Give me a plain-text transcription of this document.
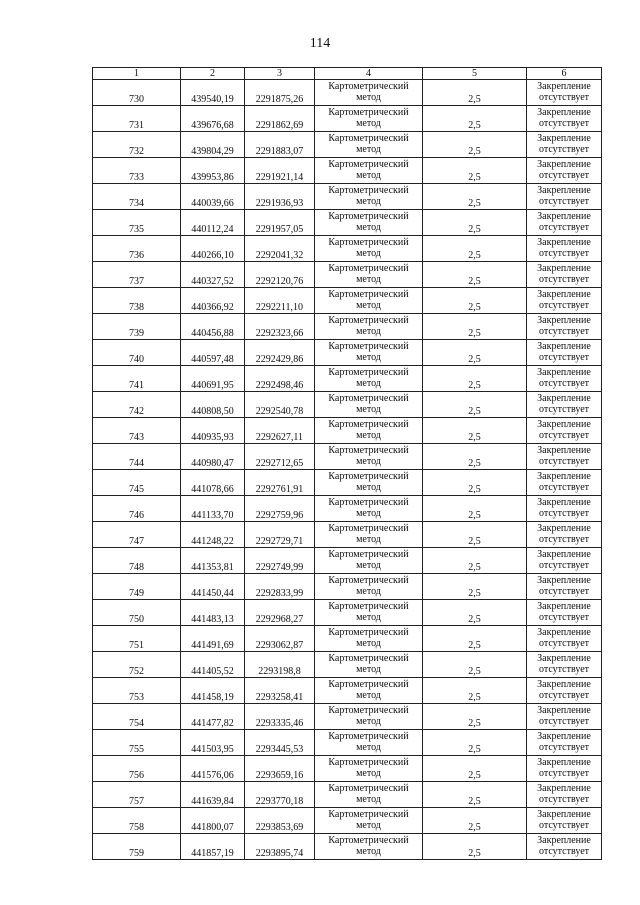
114
1	2	3	4	5	6
730	439540,19	2291875,26	Картометрический метод	2,5	Закрепление отсутствует
731	439676,68	2291862,69	Картометрический метод	2,5	Закрепление отсутствует
732	439804,29	2291883,07	Картометрический метод	2,5	Закрепление отсутствует
733	439953,86	2291921,14	Картометрический метод	2,5	Закрепление отсутствует
734	440039,66	2291936,93	Картометрический метод	2,5	Закрепление отсутствует
735	440112,24	2291957,05	Картометрический метод	2,5	Закрепление отсутствует
736	440266,10	2292041,32	Картометрический метод	2,5	Закрепление отсутствует
737	440327,52	2292120,76	Картометрический метод	2,5	Закрепление отсутствует
738	440366,92	2292211,10	Картометрический метод	2,5	Закрепление отсутствует
739	440456,88	2292323,66	Картометрический метод	2,5	Закрепление отсутствует
740	440597,48	2292429,86	Картометрический метод	2,5	Закрепление отсутствует
741	440691,95	2292498,46	Картометрический метод	2,5	Закрепление отсутствует
742	440808,50	2292540,78	Картометрический метод	2,5	Закрепление отсутствует
743	440935,93	2292627,11	Картометрический метод	2,5	Закрепление отсутствует
744	440980,47	2292712,65	Картометрический метод	2,5	Закрепление отсутствует
745	441078,66	2292761,91	Картометрический метод	2,5	Закрепление отсутствует
746	441133,70	2292759,96	Картометрический метод	2,5	Закрепление отсутствует
747	441248,22	2292729,71	Картометрический метод	2,5	Закрепление отсутствует
748	441353,81	2292749,99	Картометрический метод	2,5	Закрепление отсутствует
749	441450,44	2292833,99	Картометрический метод	2,5	Закрепление отсутствует
750	441483,13	2292968,27	Картометрический метод	2,5	Закрепление отсутствует
751	441491,69	2293062,87	Картометрический метод	2,5	Закрепление отсутствует
752	441405,52	2293198,8	Картометрический метод	2,5	Закрепление отсутствует
753	441458,19	2293258,41	Картометрический метод	2,5	Закрепление отсутствует
754	441477,82	2293335,46	Картометрический метод	2,5	Закрепление отсутствует
755	441503,95	2293445,53	Картометрический метод	2,5	Закрепление отсутствует
756	441576,06	2293659,16	Картометрический метод	2,5	Закрепление отсутствует
757	441639,84	2293770,18	Картометрический метод	2,5	Закрепление отсутствует
758	441800,07	2293853,69	Картометрический метод	2,5	Закрепление отсутствует
759	441857,19	2293895,74	Картометрический метод	2,5	Закрепление отсутствует
